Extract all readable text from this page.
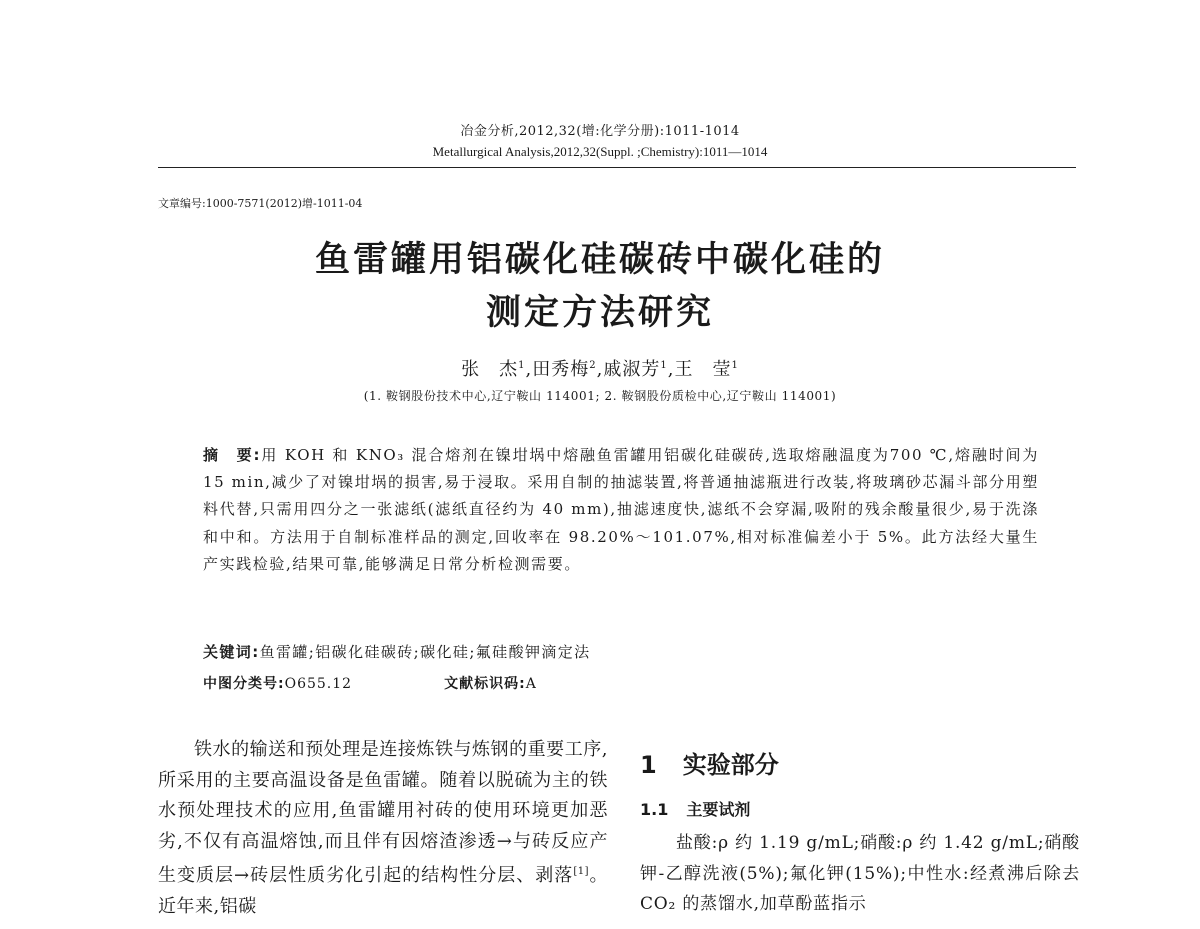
冶金分析,2012,32(增:化学分册):1011-1014
Metallurgical Analysis,2012,32(Suppl. ;Chemistry):1011—1014
文章编号:1000-7571(2012)增-1011-04
鱼雷罐用铝碳化硅碳砖中碳化硅的
测定方法研究
张　杰$^1$,田秀梅$^2$,戚淑芳$^1$,王　莹$^1$
(1. 鞍钢股份技术中心,辽宁鞍山 114001; 2. 鞍钢股份质检中心,辽宁鞍山 114001)
摘　要:用 KOH 和 KNO₃ 混合熔剂在镍坩埚中熔融鱼雷罐用铝碳化硅碳砖,选取熔融温度为700 ℃,熔融时间为 15 min,减少了对镍坩埚的损害,易于浸取。采用自制的抽滤装置,将普通抽滤瓶进行改装,将玻璃砂芯漏斗部分用塑料代替,只需用四分之一张滤纸(滤纸直径约为 40 mm),抽滤速度快,滤纸不会穿漏,吸附的残余酸量很少,易于洗涤和中和。方法用于自制标准样品的测定,回收率在 98.20%～101.07%,相对标准偏差小于 5%。此方法经大量生产实践检验,结果可靠,能够满足日常分析检测需要。
关键词:鱼雷罐;铝碳化硅碳砖;碳化硅;氟硅酸钾滴定法
中图分类号:O655.12	文献标识码:A

铁水的输送和预处理是连接炼铁与炼钢的重要工序,所采用的主要高温设备是鱼雷罐。随着以脱硫为主的铁水预处理技术的应用,鱼雷罐用衬砖的使用环境更加恶劣,不仅有高温熔蚀,而且伴有因熔渣渗透→与砖反应产生变质层→砖层性质劣化引起的结构性分层、剥落[1]。近年来,铝碳

1 实验部分
1.1 主要试剂

盐酸:ρ 约 1.19 g/mL;硝酸:ρ 约 1.42 g/mL;硝酸钾-乙醇洗液(5%);氟化钾(15%);中性水:经煮沸后除去 CO₂ 的蒸馏水,加草酚蓝指示
